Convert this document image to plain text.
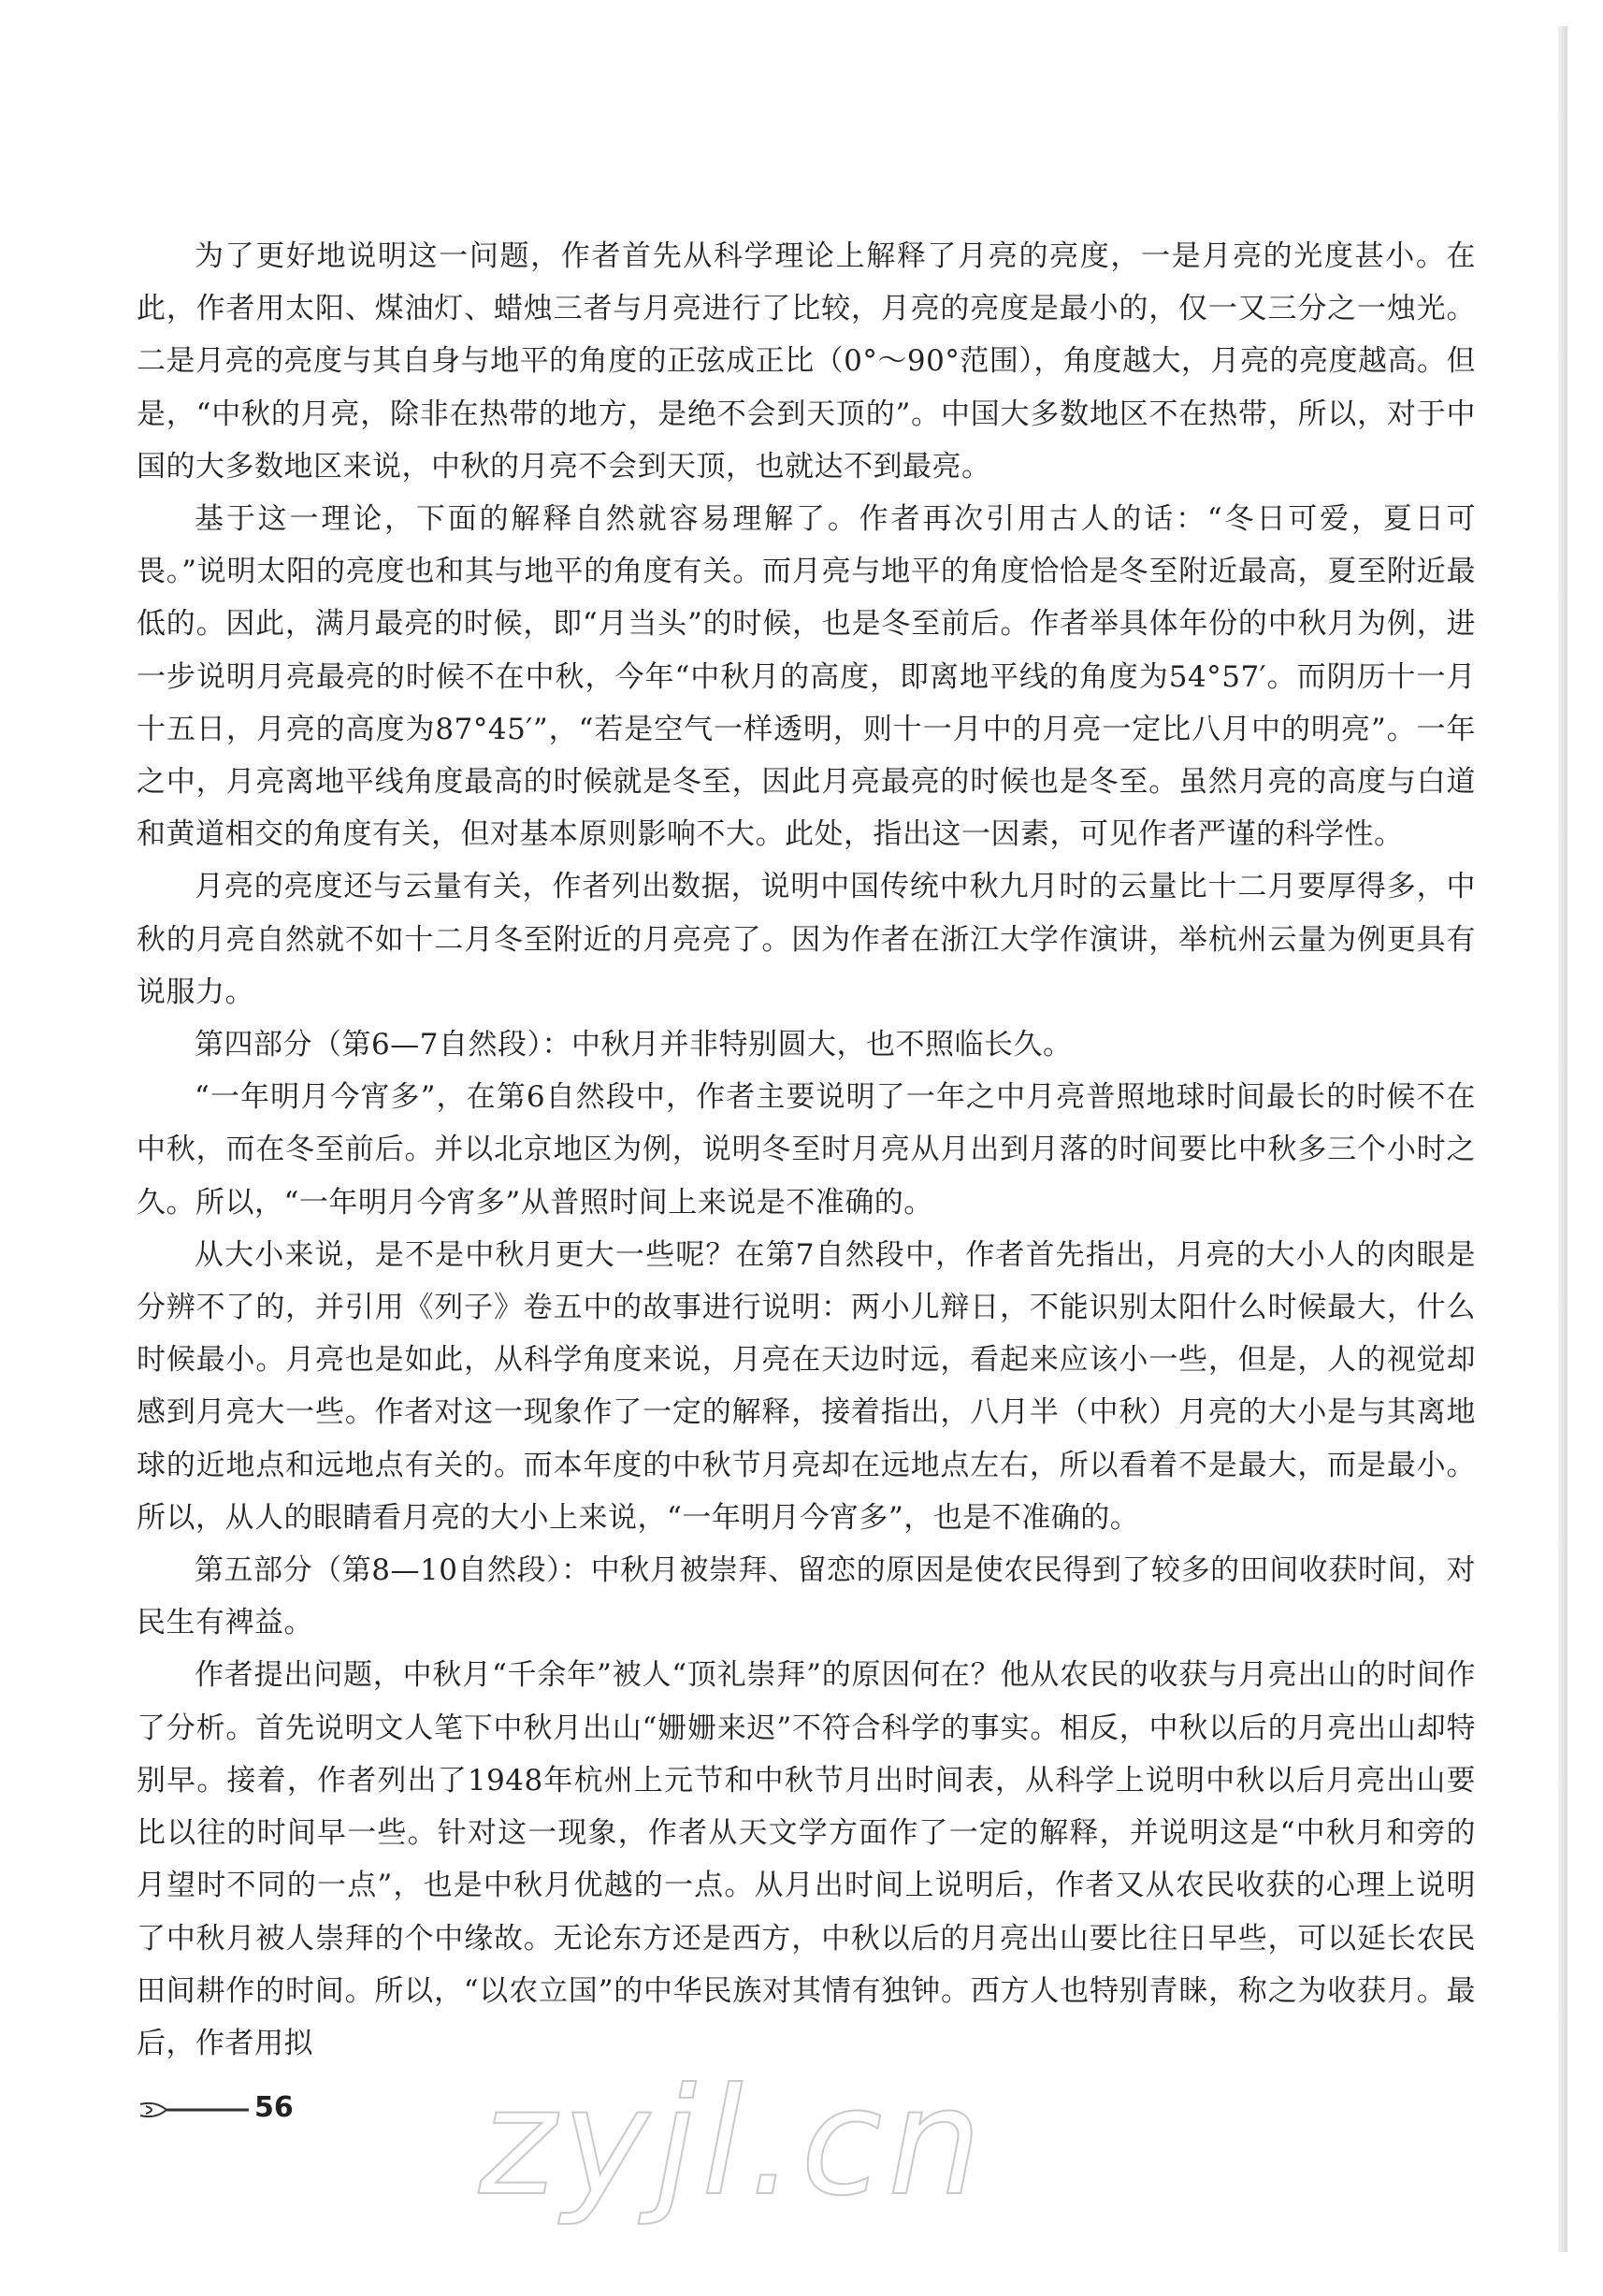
为了更好地说明这一问题，作者首先从科学理论上解释了月亮的亮度，一是月亮的光度甚小。在此，作者用太阳、煤油灯、蜡烛三者与月亮进行了比较，月亮的亮度是最小的，仅一又三分之一烛光。二是月亮的亮度与其自身与地平的角度的正弦成正比（0°～90°范围），角度越大，月亮的亮度越高。但是，“中秋的月亮，除非在热带的地方，是绝不会到天顶的”。中国大多数地区不在热带，所以，对于中国的大多数地区来说，中秋的月亮不会到天顶，也就达不到最亮。

基于这一理论，下面的解释自然就容易理解了。作者再次引用古人的话：“冬日可爱，夏日可畏。”说明太阳的亮度也和其与地平的角度有关。而月亮与地平的角度恰恰是冬至附近最高，夏至附近最低的。因此，满月最亮的时候，即“月当头”的时候，也是冬至前后。作者举具体年份的中秋月为例，进一步说明月亮最亮的时候不在中秋，今年“中秋月的高度，即离地平线的角度为54°57′。而阴历十一月十五日，月亮的高度为87°45′”，“若是空气一样透明，则十一月中的月亮一定比八月中的明亮”。一年之中，月亮离地平线角度最高的时候就是冬至，因此月亮最亮的时候也是冬至。虽然月亮的高度与白道和黄道相交的角度有关，但对基本原则影响不大。此处，指出这一因素，可见作者严谨的科学性。

月亮的亮度还与云量有关，作者列出数据，说明中国传统中秋九月时的云量比十二月要厚得多，中秋的月亮自然就不如十二月冬至附近的月亮亮了。因为作者在浙江大学作演讲，举杭州云量为例更具有说服力。

第四部分（第6—7自然段）：中秋月并非特别圆大，也不照临长久。

“一年明月今宵多”，在第6自然段中，作者主要说明了一年之中月亮普照地球时间最长的时候不在中秋，而在冬至前后。并以北京地区为例，说明冬至时月亮从月出到月落的时间要比中秋多三个小时之久。所以，“一年明月今宵多”从普照时间上来说是不准确的。

从大小来说，是不是中秋月更大一些呢？在第7自然段中，作者首先指出，月亮的大小人的肉眼是分辨不了的，并引用《列子》卷五中的故事进行说明：两小儿辩日，不能识别太阳什么时候最大，什么时候最小。月亮也是如此，从科学角度来说，月亮在天边时远，看起来应该小一些，但是，人的视觉却感到月亮大一些。作者对这一现象作了一定的解释，接着指出，八月半（中秋）月亮的大小是与其离地球的近地点和远地点有关的。而本年度的中秋节月亮却在远地点左右，所以看着不是最大，而是最小。所以，从人的眼睛看月亮的大小上来说，“一年明月今宵多”，也是不准确的。

第五部分（第8—10自然段）：中秋月被崇拜、留恋的原因是使农民得到了较多的田间收获时间，对民生有裨益。

作者提出问题，中秋月“千余年”被人“顶礼崇拜”的原因何在？他从农民的收获与月亮出山的时间作了分析。首先说明文人笔下中秋月出山“姗姗来迟”不符合科学的事实。相反，中秋以后的月亮出山却特别早。接着，作者列出了1948年杭州上元节和中秋节月出时间表，从科学上说明中秋以后月亮出山要比以往的时间早一些。针对这一现象，作者从天文学方面作了一定的解释，并说明这是“中秋月和旁的月望时不同的一点”，也是中秋月优越的一点。从月出时间上说明后，作者又从农民收获的心理上说明了中秋月被人崇拜的个中缘故。无论东方还是西方，中秋以后的月亮出山要比往日早些，可以延长农民田间耕作的时间。所以，“以农立国”的中华民族对其情有独钟。西方人也特别青睐，称之为收获月。最后，作者用拟

56 zyjl.cn
